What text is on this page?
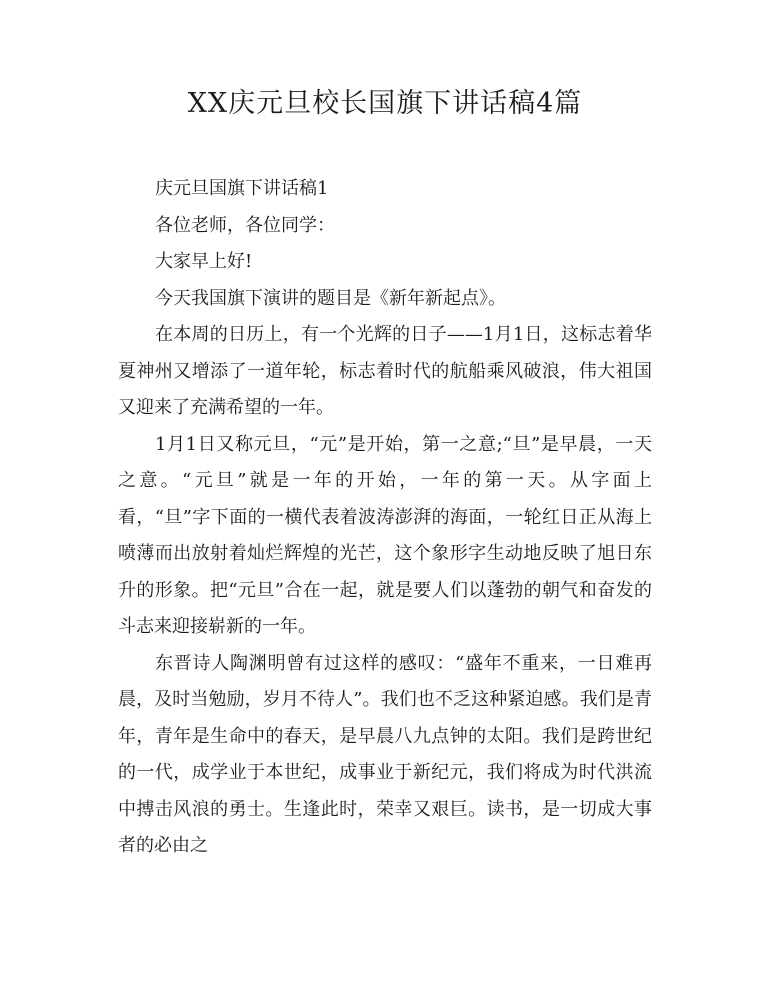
XX庆元旦校长国旗下讲话稿4篇

庆元旦国旗下讲话稿1

各位老师，各位同学：

大家早上好!

今天我国旗下演讲的题目是《新年新起点》。

在本周的日历上，有一个光辉的日子——1月1日，这标志着华夏神州又增添了一道年轮，标志着时代的航船乘风破浪，伟大祖国又迎来了充满希望的一年。

1月1日又称元旦，“元”是开始，第一之意;“旦”是早晨，一天之意。“元旦”就是一年的开始，一年的第一天。从字面上看，“旦”字下面的一横代表着波涛澎湃的海面，一轮红日正从海上喷薄而出放射着灿烂辉煌的光芒，这个象形字生动地反映了旭日东升的形象。把“元旦”合在一起，就是要人们以蓬勃的朝气和奋发的斗志来迎接崭新的一年。

东晋诗人陶渊明曾有过这样的感叹：“盛年不重来，一日难再晨，及时当勉励，岁月不待人”。我们也不乏这种紧迫感。我们是青年，青年是生命中的春天，是早晨八九点钟的太阳。我们是跨世纪的一代，成学业于本世纪，成事业于新纪元，我们将成为时代洪流中搏击风浪的勇士。生逢此时，荣幸又艰巨。读书，是一切成大事者的必由之
